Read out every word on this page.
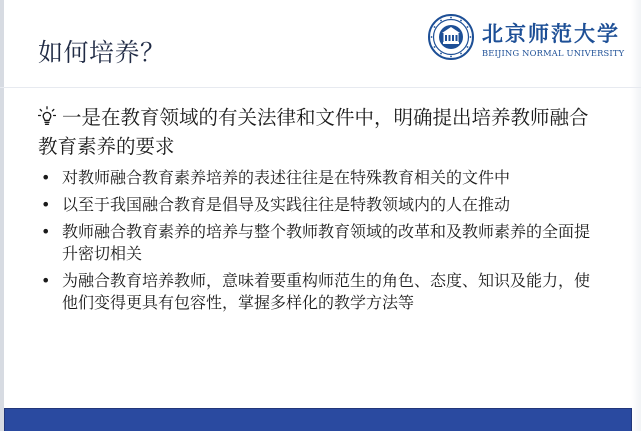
如何培养？
北京师范大学
BEIJING NORMAL UNIVERSITY
一是在教育领域的有关法律和文件中，明确提出培养教师融合教育素养的要求
• 对教师融合教育素养培养的表述往往是在特殊教育相关的文件中
• 以至于我国融合教育是倡导及实践往往是特教领域内的人在推动
• 教师融合教育素养的培养与整个教师教育领域的改革和及教师素养的全面提升密切相关
• 为融合教育培养教师，意味着要重构师范生的角色、态度、知识及能力，使他们变得更具有包容性，掌握多样化的教学方法等
